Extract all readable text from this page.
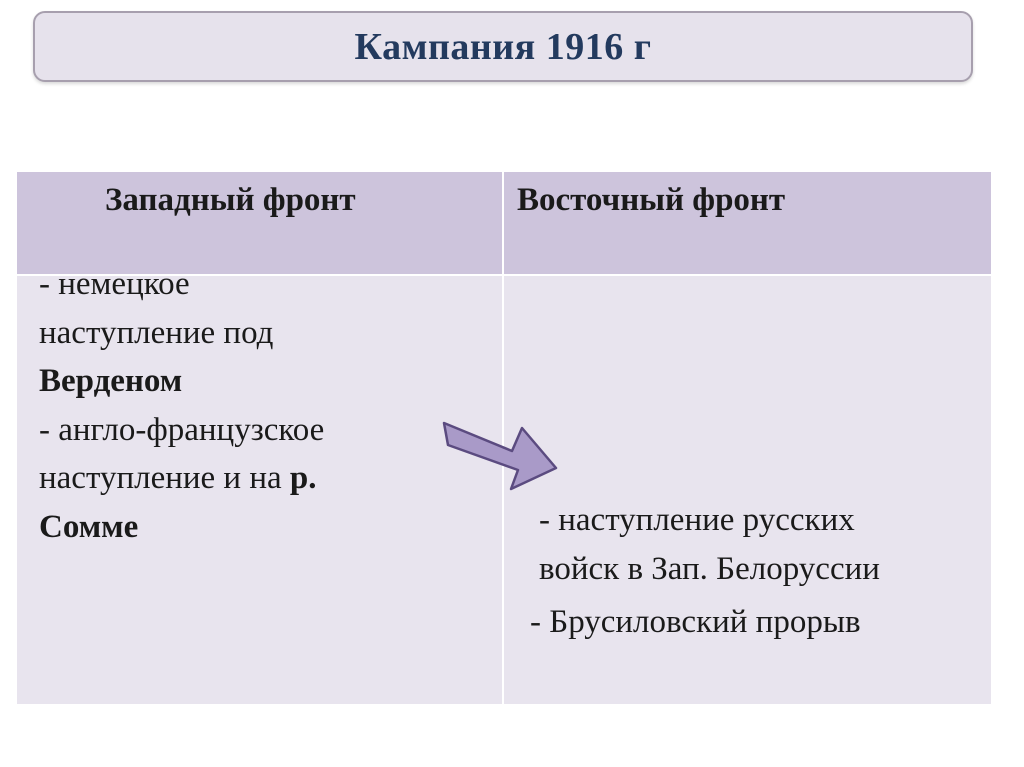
Кампания 1916 г
Западный фронт	Восточный фронт
- немецкое
наступление под
Верденом
- англо-французское
наступление и на р.
Сомме	- наступление русских
войск в Зап. Белоруссии
- Брусиловский прорыв
